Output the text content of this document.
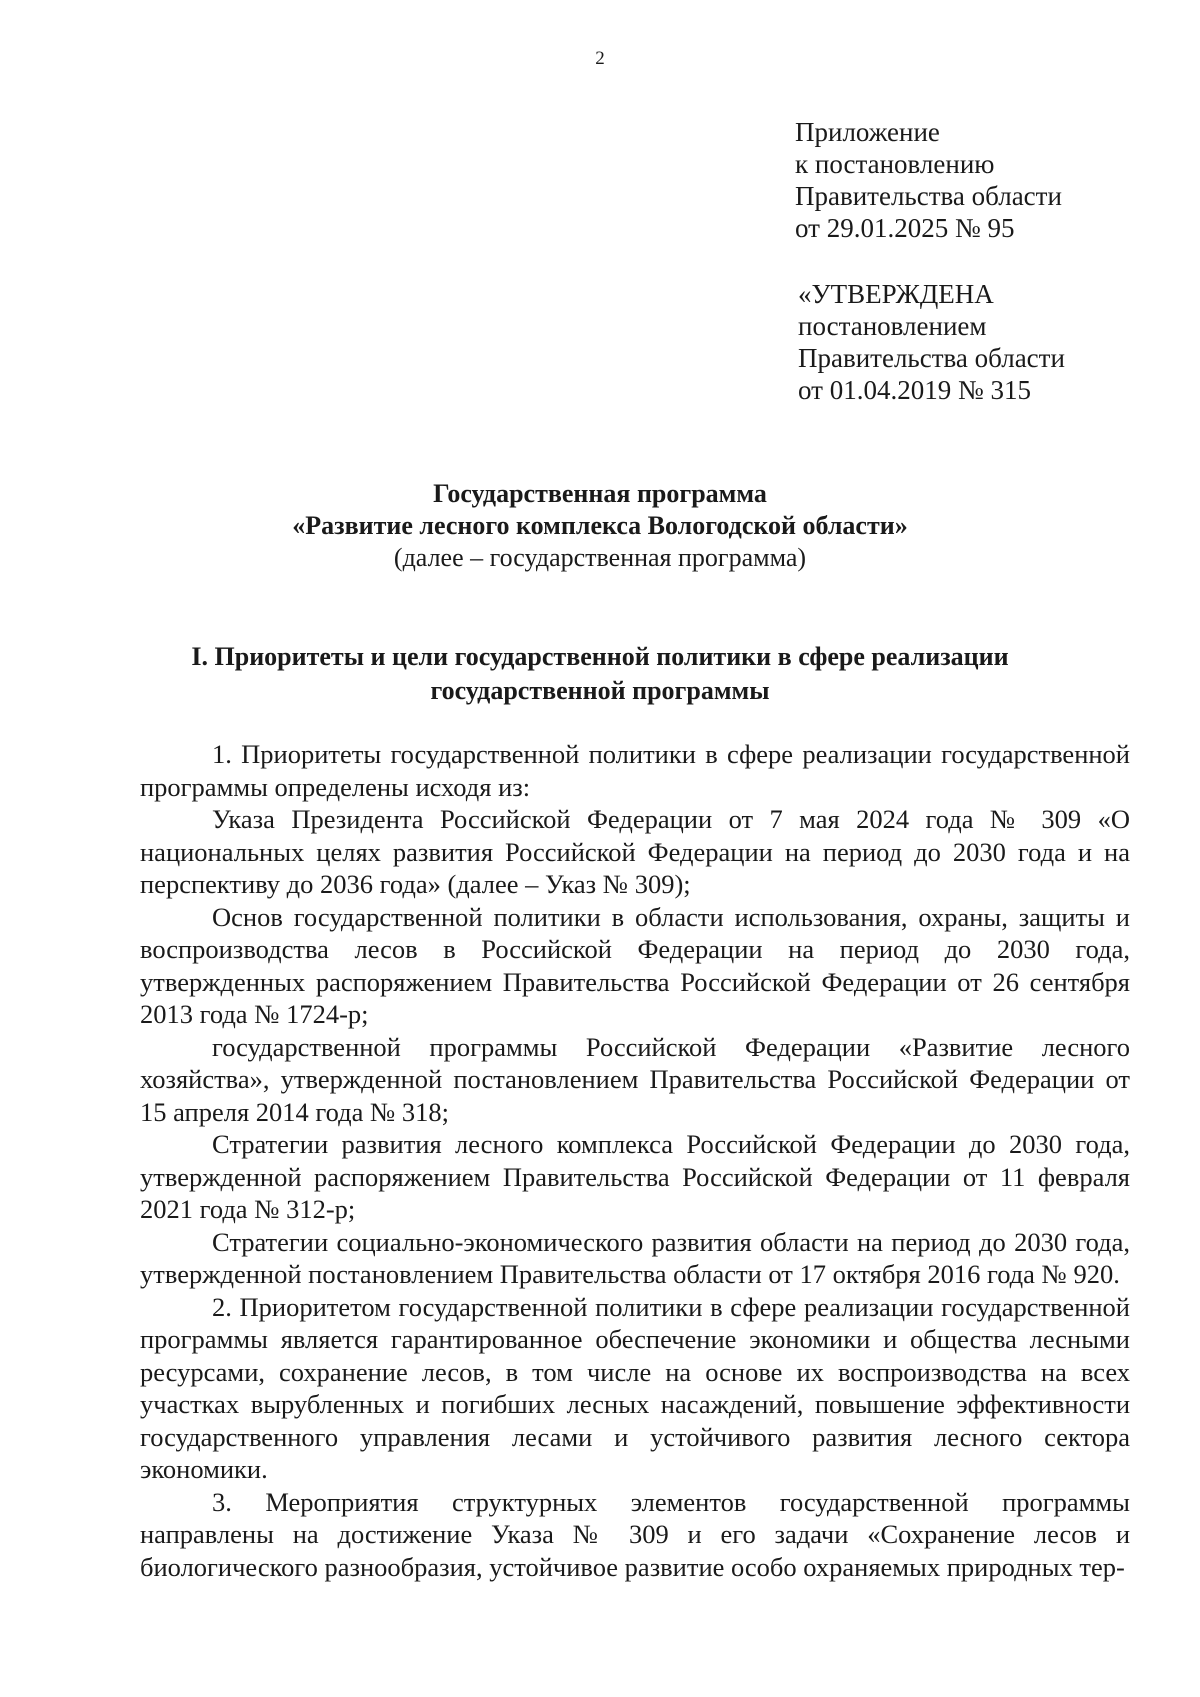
2
Приложение
к постановлению
Правительства области
от 29.01.2025 № 95
«УТВЕРЖДЕНА
постановлением
Правительства области
от 01.04.2019 № 315
Государственная программа
«Развитие лесного комплекса Вологодской области»
(далее – государственная программа)
I. Приоритеты и цели государственной политики в сфере реализации
государственной программы

1. Приоритеты государственной политики в сфере реализации государственной программы определены исходя из:

Указа Президента Российской Федерации от 7 мая 2024 года № 309 «О национальных целях развития Российской Федерации на период до 2030 года и на перспективу до 2036 года» (далее – Указ № 309);

Основ государственной политики в области использования, охраны, защиты и воспроизводства лесов в Российской Федерации на период до 2030 года, утвержденных распоряжением Правительства Российской Федерации от 26 сентября 2013 года № 1724-р;

государственной программы Российской Федерации «Развитие лесного хозяйства», утвержденной постановлением Правительства Российской Федерации от 15 апреля 2014 года № 318;

Стратегии развития лесного комплекса Российской Федерации до 2030 года, утвержденной распоряжением Правительства Российской Федерации от 11 февраля 2021 года № 312-р;

Стратегии социально-экономического развития области на период до 2030 года, утвержденной постановлением Правительства области от 17 октября 2016 года № 920.

2. Приоритетом государственной политики в сфере реализации государственной программы является гарантированное обеспечение экономики и общества лесными ресурсами, сохранение лесов, в том числе на основе их воспроизводства на всех участках вырубленных и погибших лесных насаждений, повышение эффективности государственного управления лесами и устойчивого развития лесного сектора экономики.

3. Мероприятия структурных элементов государственной программы направлены на достижение Указа № 309 и его задачи «Сохранение лесов и биологического разнообразия, устойчивое развитие особо охраняемых природных тер-
